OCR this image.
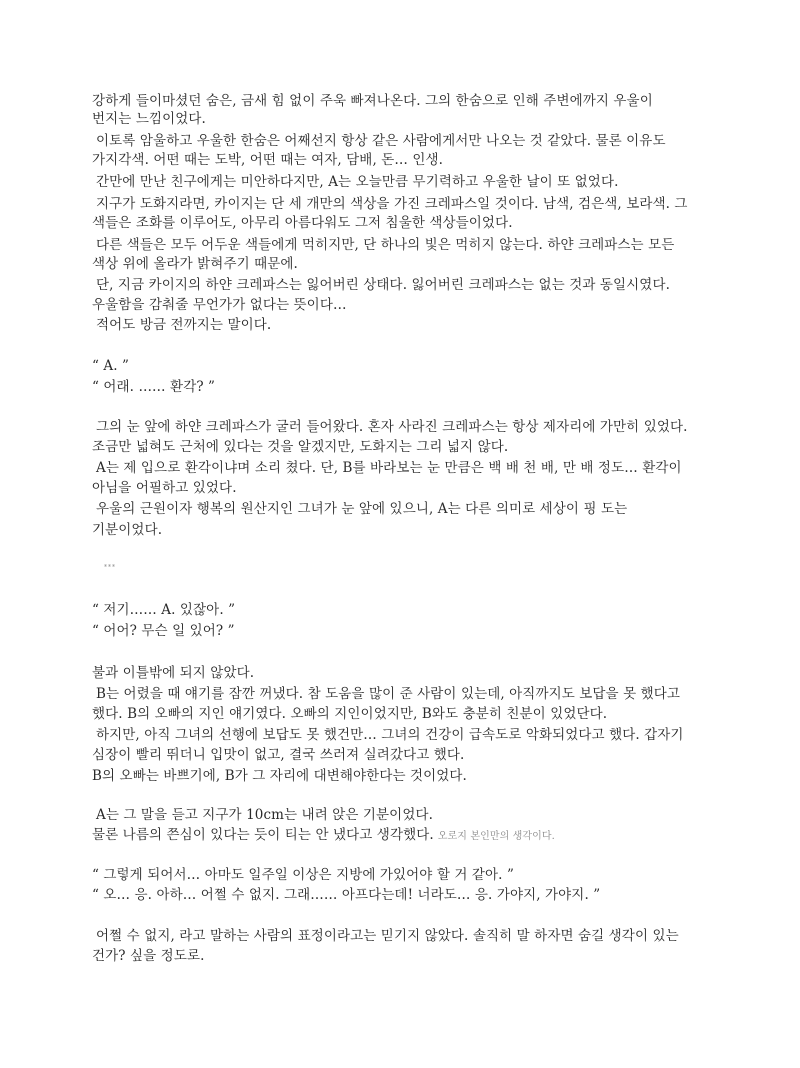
강하게 들이마셨던 숨은, 금새 힘 없이 주욱 빠져나온다. 그의 한숨으로 인해 주변에까지 우울이
번지는 느낌이었다.
이토록 암울하고 우울한 한숨은 어째선지 항상 같은 사람에게서만 나오는 것 같았다. 물론 이유도
가지각색. 어떤 때는 도박, 어떤 때는 여자, 담배, 돈… 인생.
간만에 만난 친구에게는 미안하다지만, A는 오늘만큼 무기력하고 우울한 날이 또 없었다.
지구가 도화지라면, 카이지는 단 세 개만의 색상을 가진 크레파스일 것이다. 남색, 검은색, 보라색. 그
색들은 조화를 이루어도, 아무리 아름다워도 그저 침울한 색상들이었다.
다른 색들은 모두 어두운 색들에게 먹히지만, 단 하나의 빛은 먹히지 않는다. 하얀 크레파스는 모든
색상 위에 올라가 밝혀주기 때문에.
단, 지금 카이지의 하얀 크레파스는 잃어버린 상태다. 잃어버린 크레파스는 없는 것과 동일시였다.
우울함을 감춰줄 무언가가 없다는 뜻이다…
적어도 방금 전까지는 말이다.
“ A. ”
“ 어래. …… 환각? ”
그의 눈 앞에 하얀 크레파스가 굴러 들어왔다. 혼자 사라진 크레파스는 항상 제자리에 가만히 있었다.
조금만 넓혀도 근처에 있다는 것을 알겠지만, 도화지는 그리 넓지 않다.
A는 제 입으로 환각이냐며 소리 쳤다. 단, B를 바라보는 눈 만큼은 백 배 천 배, 만 배 정도… 환각이
아님을 어필하고 있었다.
우울의 근원이자 행복의 원산지인 그녀가 눈 앞에 있으니, A는 다른 의미로 세상이 핑 도는
기분이었다.
***
“ 저기…… A. 있잖아. ”
“ 어어? 무슨 일 있어? ”
불과 이틀밖에 되지 않았다.
B는 어렸을 때 얘기를 잠깐 꺼냈다. 참 도움을 많이 준 사람이 있는데, 아직까지도 보답을 못 했다고
했다. B의 오빠의 지인 얘기였다. 오빠의 지인이었지만, B와도 충분히 친분이 있었단다.
하지만, 아직 그녀의 선행에 보답도 못 했건만… 그녀의 건강이 급속도로 악화되었다고 했다. 갑자기
심장이 빨리 뛰더니 입맛이 없고, 결국 쓰러져 실려갔다고 했다.
B의 오빠는 바쁘기에, B가 그 자리에 대변해야한다는 것이었다.
A는 그 말을 듣고 지구가 10cm는 내려 앉은 기분이었다.
물론 나름의 쯘심이 있다는 듯이 티는 안 냈다고 생각했다. 오로지 본인만의 생각이다.
“ 그렇게 되어서… 아마도 일주일 이상은 지방에 가있어야 할 거 같아. ”
“ 오… 응. 아하… 어쩔 수 없지. 그래…… 아프다는데! 너라도… 응. 가야지, 가야지. ”
어쩔 수 없지, 라고 말하는 사람의 표정이라고는 믿기지 않았다. 솔직히 말 하자면 숨길 생각이 있는
건가? 싶을 정도로.
